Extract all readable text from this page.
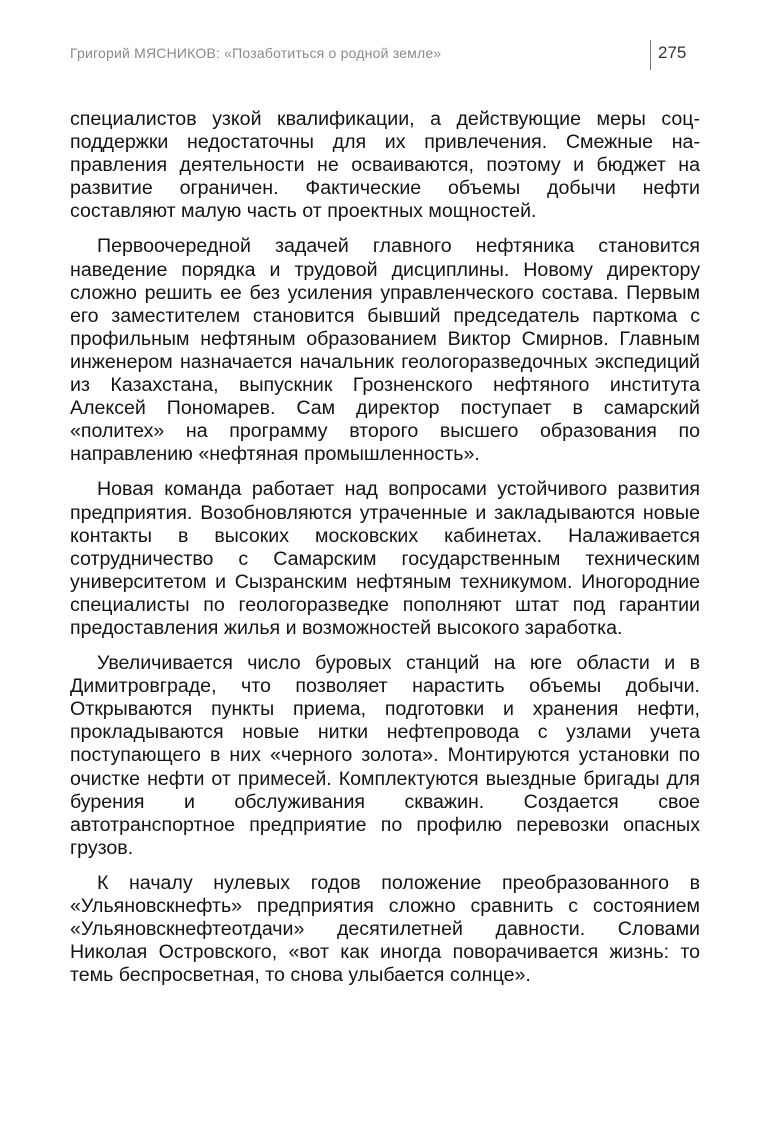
Григорий МЯСНИКОВ: «Позаботиться о родной земле»	275

специалистов узкой квалификации, а действующие меры соцподдержки недостаточны для их привлечения. Смежные направления деятельности не осваиваются, поэтому и бюджет на развитие ограничен. Фактические объемы добычи нефти составляют малую часть от проектных мощностей.

Первоочередной задачей главного нефтяника становится наведение порядка и трудовой дисциплины. Новому директору сложно решить ее без усиления управленческого состава. Первым его заместителем становится бывший председатель парткома с профильным нефтяным образованием Виктор Смирнов. Главным инженером назначается начальник геологоразведочных экспедиций из Казахстана, выпускник Грозненского нефтяного института Алексей Пономарев. Сам директор поступает в самарский «политех» на программу второго высшего образования по направлению «нефтяная промышленность».

Новая команда работает над вопросами устойчивого развития предприятия. Возобновляются утраченные и закладываются новые контакты в высоких московских кабинетах. Налаживается сотрудничество с Самарским государственным техническим университетом и Сызранским нефтяным техникумом. Иногородние специалисты по геологоразведке пополняют штат под гарантии предоставления жилья и возможностей высокого заработка.

Увеличивается число буровых станций на юге области и в Димитровграде, что позволяет нарастить объемы добычи. Открываются пункты приема, подготовки и хранения нефти, прокладываются новые нитки нефтепровода с узлами учета поступающего в них «черного золота». Монтируются установки по очистке нефти от примесей. Комплектуются выездные бригады для бурения и обслуживания скважин. Создается свое автотранспортное предприятие по профилю перевозки опасных грузов.

К началу нулевых годов положение преобразованного в «Ульяновскнефть» предприятия сложно сравнить с состоянием «Ульяновскнефтеотдачи» десятилетней давности. Словами Николая Островского, «вот как иногда поворачивается жизнь: то темь беспросветная, то снова улыбается солнце».
